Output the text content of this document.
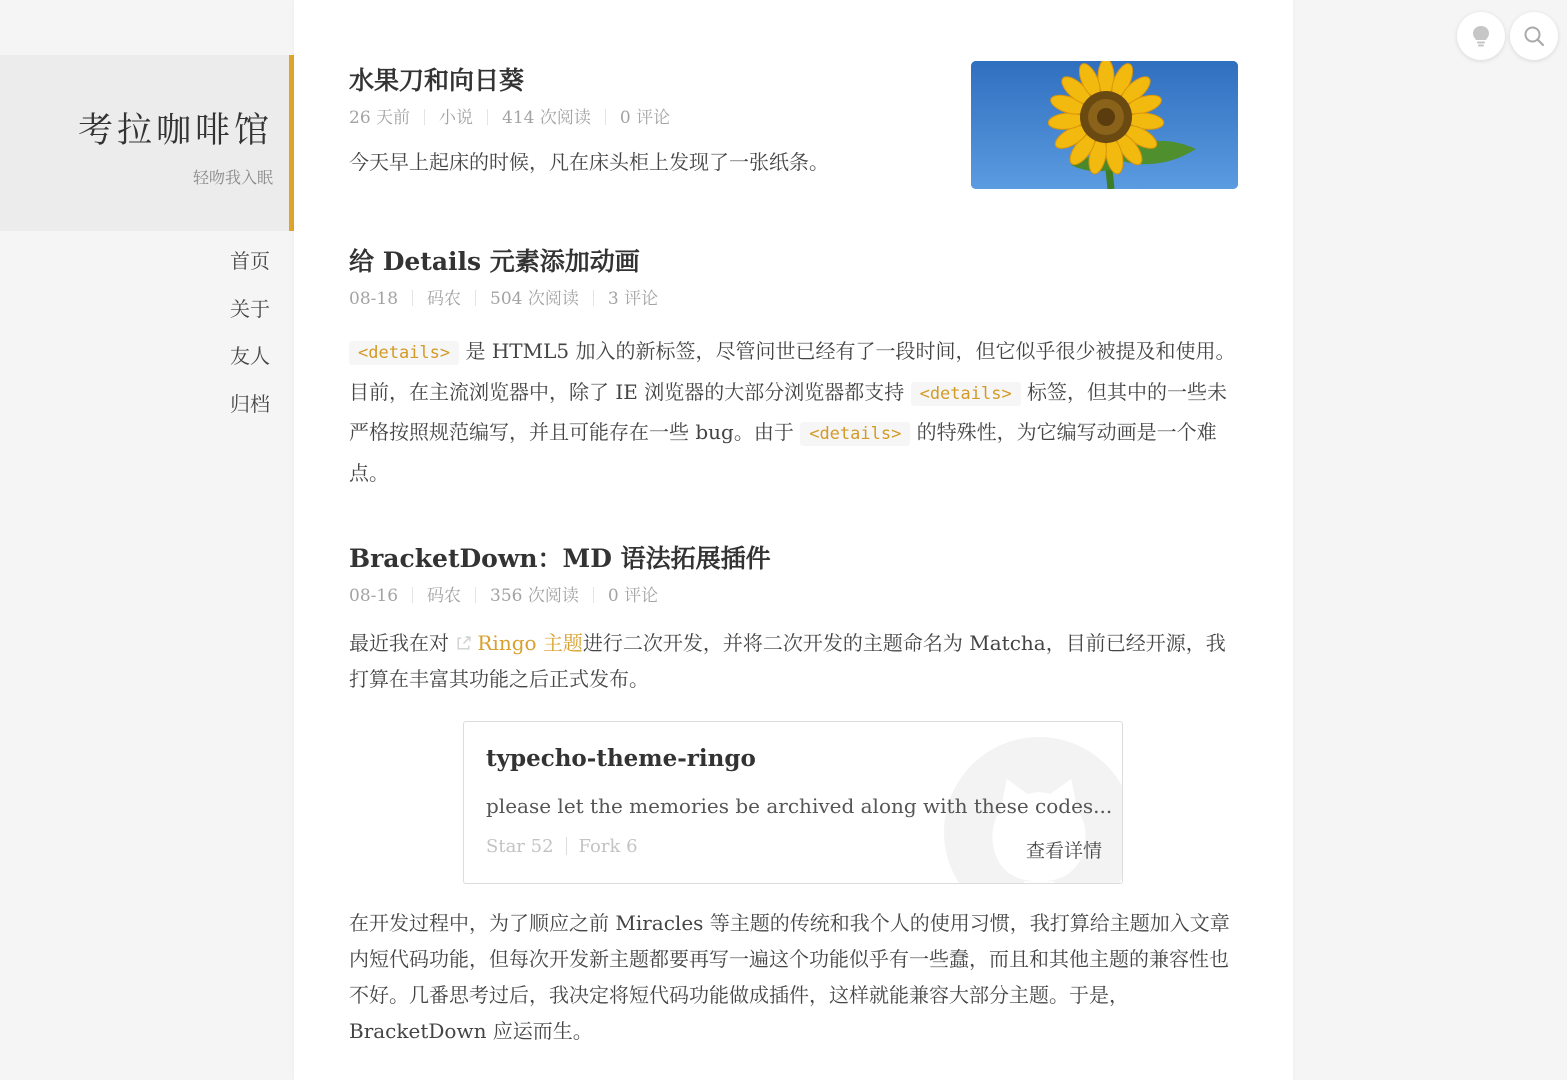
考拉咖啡馆
轻吻我入眠
首页
关于
友人
归档
水果刀和向日葵
26 天前 小说 414 次阅读 0 评论

今天早上起床的时候，凡在床头柜上发现了一张纸条。

给 Details 元素添加动画
08-18 码农 504 次阅读 3 评论

<details> 是 HTML5 加入的新标签，尽管问世已经有了一段时间，但它似乎很少被提及和使用。目前，在主流浏览器中，除了 IE 浏览器的大部分浏览器都支持 <details> 标签，但其中的一些未严格按照规范编写，并且可能存在一些 bug。由于 <details> 的特殊性，为它编写动画是一个难点。

BracketDown：MD 语法拓展插件
08-16 码农 356 次阅读 0 评论

最近我在对 Ringo 主题进行二次开发，并将二次开发的主题命名为 Matcha，目前已经开源，我打算在丰富其功能之后正式发布。

typecho-theme-ringo
please let the memories be archived along with these codes...
Star 52 Fork 6	查看详情

在开发过程中，为了顺应之前 Miracles 等主题的传统和我个人的使用习惯，我打算给主题加入文章内短代码功能，但每次开发新主题都要再写一遍这个功能似乎有一些蠢，而且和其他主题的兼容性也不好。几番思考过后，我决定将短代码功能做成插件，这样就能兼容大部分主题。于是，BracketDown 应运而生。
